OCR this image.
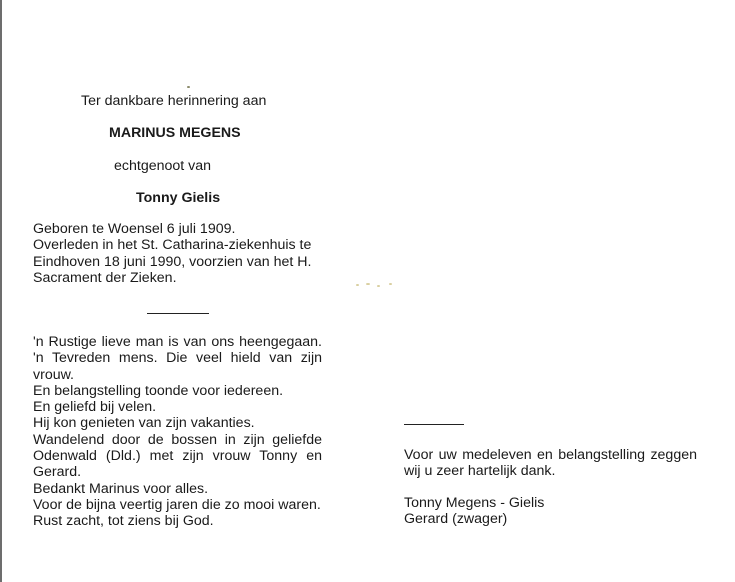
Ter dankbare herinnering aan
MARINUS MEGENS
echtgenoot van
Tonny Gielis
Geboren te Woensel 6 juli 1909.
Overleden in het St. Catharina-ziekenhuis te
Eindhoven 18 juni 1990, voorzien van het H.
Sacrament der Zieken.
'n Rustige lieve man is van ons heengegaan.
'n Tevreden mens. Die veel hield van zijn
vrouw.
En belangstelling toonde voor iedereen.
En geliefd bij velen.
Hij kon genieten van zijn vakanties.
Wandelend door de bossen in zijn geliefde
Odenwald (Dld.) met zijn vrouw Tonny en
Gerard.
Bedankt Marinus voor alles.
Voor de bijna veertig jaren die zo mooi waren.
Rust zacht, tot ziens bij God.
Voor uw medeleven en belangstelling zeggen
wij u zeer hartelijk dank.
Tonny Megens - Gielis
Gerard (zwager)
